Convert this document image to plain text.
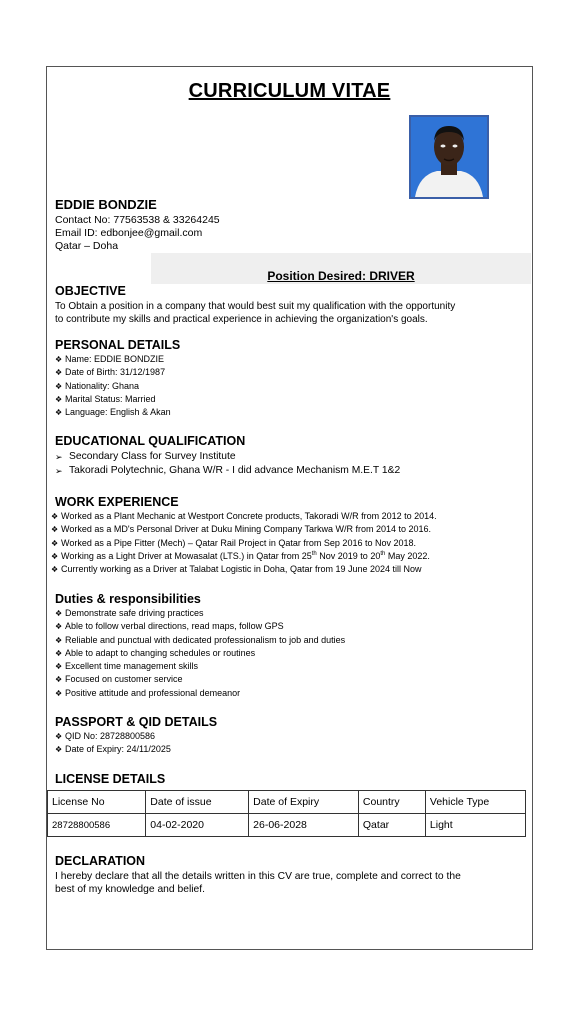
CURRICULUM VITAE
EDDIE BONDZIE
Contact No: 77563538 & 33264245
Email ID: edbonjee@gmail.com
Qatar – Doha
Position Desired: DRIVER
OBJECTIVE
To Obtain a position in a company that would best suit my qualification with the opportunity
to contribute my skills and practical experience in achieving the organization's goals.
PERSONAL DETAILS
❖ Name: EDDIE BONDZIE
❖ Date of Birth: 31/12/1987
❖ Nationality: Ghana
❖ Marital Status: Married
❖ Language: English & Akan
EDUCATIONAL QUALIFICATION
➢ Secondary Class for Survey Institute
➢ Takoradi Polytechnic, Ghana W/R - I did advance Mechanism M.E.T 1&2
WORK EXPERIENCE
❖ Worked as a Plant Mechanic at Westport Concrete products, Takoradi W/R from 2012 to 2014.
❖ Worked as a MD's Personal Driver at Duku Mining Company Tarkwa W/R from 2014 to 2016.
❖ Worked as a Pipe Fitter (Mech) – Qatar Rail Project in Qatar from Sep 2016 to Nov 2018.
❖ Working as a Light Driver at Mowasalat (LTS.) in Qatar from 25th Nov 2019 to 20th May 2022.
❖ Currently working as a Driver at Talabat Logistic in Doha, Qatar from 19 June 2024 till Now
Duties & responsibilities
❖ Demonstrate safe driving practices
❖ Able to follow verbal directions, read maps, follow GPS
❖ Reliable and punctual with dedicated professionalism to job and duties
❖ Able to adapt to changing schedules or routines
❖ Excellent time management skills
❖ Focused on customer service
❖ Positive attitude and professional demeanor
PASSPORT & QID DETAILS
❖ QID No: 28728800586
❖ Date of Expiry: 24/11/2025
LICENSE DETAILS
License No	Date of issue	Date of Expiry	Country	Vehicle Type
28728800586	04-02-2020	26-06-2028	Qatar	Light
DECLARATION
I hereby declare that all the details written in this CV are true, complete and correct to the
best of my knowledge and belief.
